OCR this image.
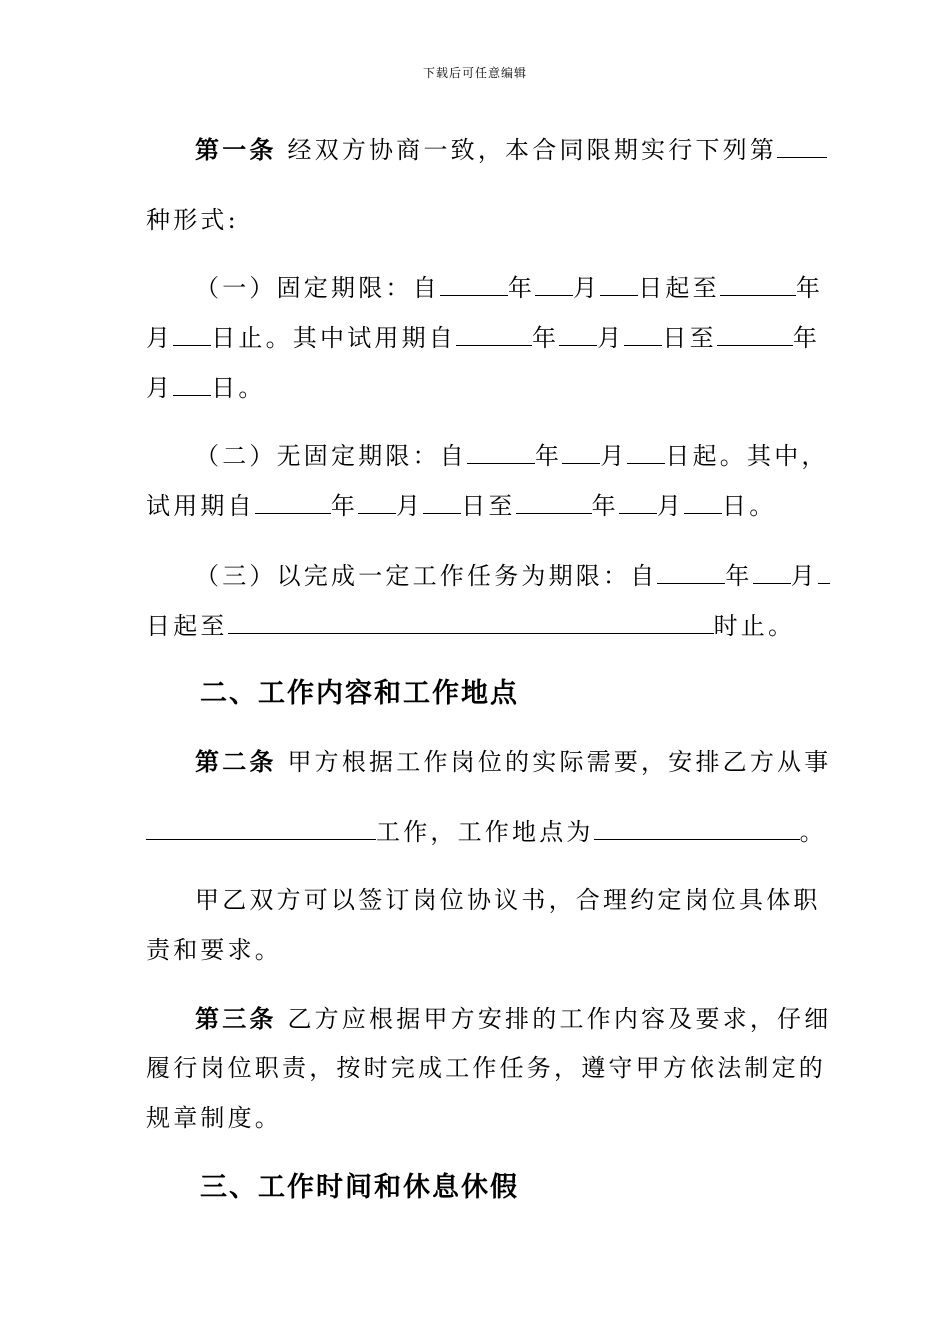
下载后可任意编辑
第一条 经双方协商一致，本合同限期实行下列第
种形式:
（一）固定期限：自	年 月 日起至	年
月 日止。其中试用期自	年 月 日至	年
月 日。
（二）无固定期限：自	年 月 日起。其中，
试用期自	年 月 日至	年 月 日。
（三）以完成一定工作任务为期限：自	年 月
日起至	时止。
二、工作内容和工作地点
第二条 甲方根据工作岗位的实际需要，安排乙方从事
工作，工作地点为	。
甲乙双方可以签订岗位协议书，合理约定岗位具体职
责和要求。
第三条 乙方应根据甲方安排的工作内容及要求，仔细
履行岗位职责，按时完成工作任务，遵守甲方依法制定的
规章制度。
三、工作时间和休息休假
